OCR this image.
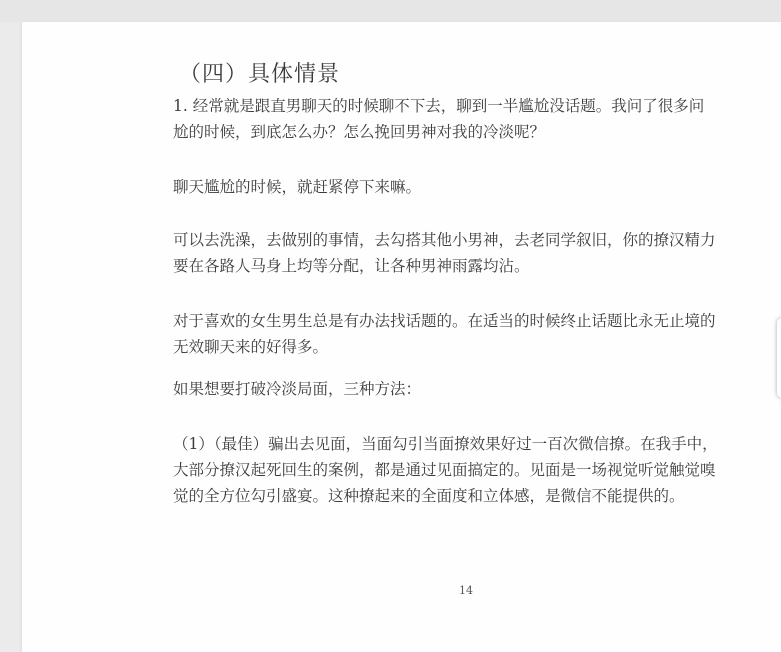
（四）具体情景

1. 经常就是跟直男聊天的时候聊不下去，聊到一半尴尬没话题。我问了很多问
尬的时候，到底怎么办？怎么挽回男神对我的冷淡呢？

聊天尴尬的时候，就赶紧停下来嘛。

可以去洗澡，去做别的事情，去勾搭其他小男神，去老同学叙旧，你的撩汉精力
要在各路人马身上均等分配，让各种男神雨露均沾。

对于喜欢的女生男生总是有办法找话题的。在适当的时候终止话题比永无止境的
无效聊天来的好得多。

如果想要打破冷淡局面，三种方法：

（1）（最佳）骗出去见面，当面勾引当面撩效果好过一百次微信撩。在我手中，
大部分撩汉起死回生的案例，都是通过见面搞定的。见面是一场视觉听觉触觉嗅
觉的全方位勾引盛宴。这种撩起来的全面度和立体感，是微信不能提供的。

14
